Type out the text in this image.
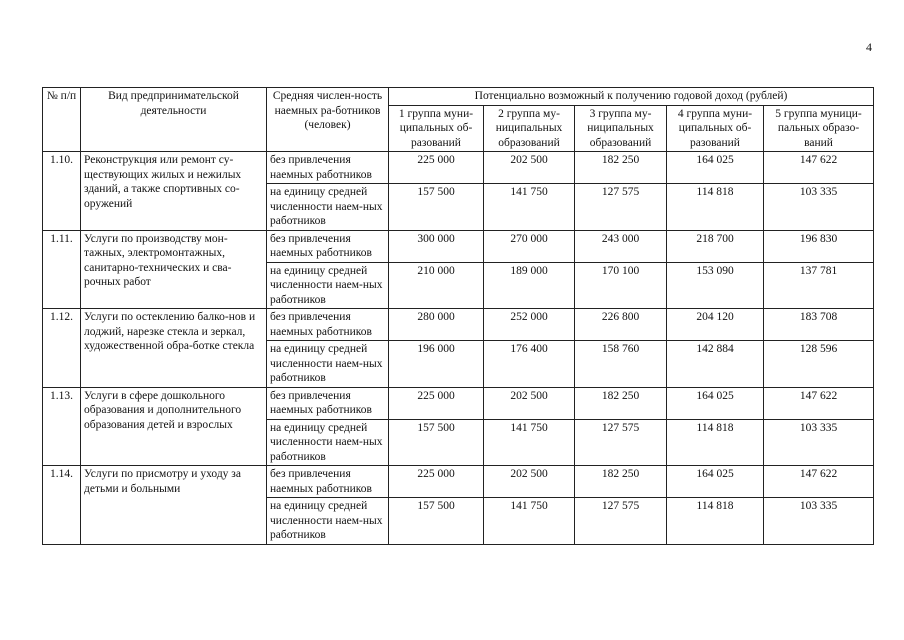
4
№ п/п	Вид предпринимательской деятельности	Средняя числен-ность наемных ра-ботников (человек)	Потенциально возможный к получению годовой доход (рублей)				
			1 группа муни-ципальных об-разований	2 группа му-ниципальных образований	3 группа му-ниципальных образований	4 группа муни-ципальных об-разований	5 группа муници-пальных образо-ваний
1.10.	Реконструкция или ремонт су-ществующих жилых и нежилых зданий, а также спортивных со-оружений	без привлечения наемных работников	225 000	202 500	182 250	164 025	147 622
		на единицу средней численности наем-ных работников	157 500	141 750	127 575	114 818	103 335
1.11.	Услуги по производству мон-тажных, электромонтажных, санитарно-технических и сва-рочных работ	без привлечения наемных работников	300 000	270 000	243 000	218 700	196 830
		на единицу средней численности наем-ных работников	210 000	189 000	170 100	153 090	137 781
1.12.	Услуги по остеклению балко-нов и лоджий, нарезке стекла и зеркал, художественной обра-ботке стекла	без привлечения наемных работников	280 000	252 000	226 800	204 120	183 708
		на единицу средней численности наем-ных работников	196 000	176 400	158 760	142 884	128 596
1.13.	Услуги в сфере дошкольного образования и дополнительного образования детей и взрослых	без привлечения наемных работников	225 000	202 500	182 250	164 025	147 622
		на единицу средней численности наем-ных работников	157 500	141 750	127 575	114 818	103 335
1.14.	Услуги по присмотру и уходу за детьми и больными	без привлечения наемных работников	225 000	202 500	182 250	164 025	147 622
		на единицу средней численности наем-ных работников	157 500	141 750	127 575	114 818	103 335
